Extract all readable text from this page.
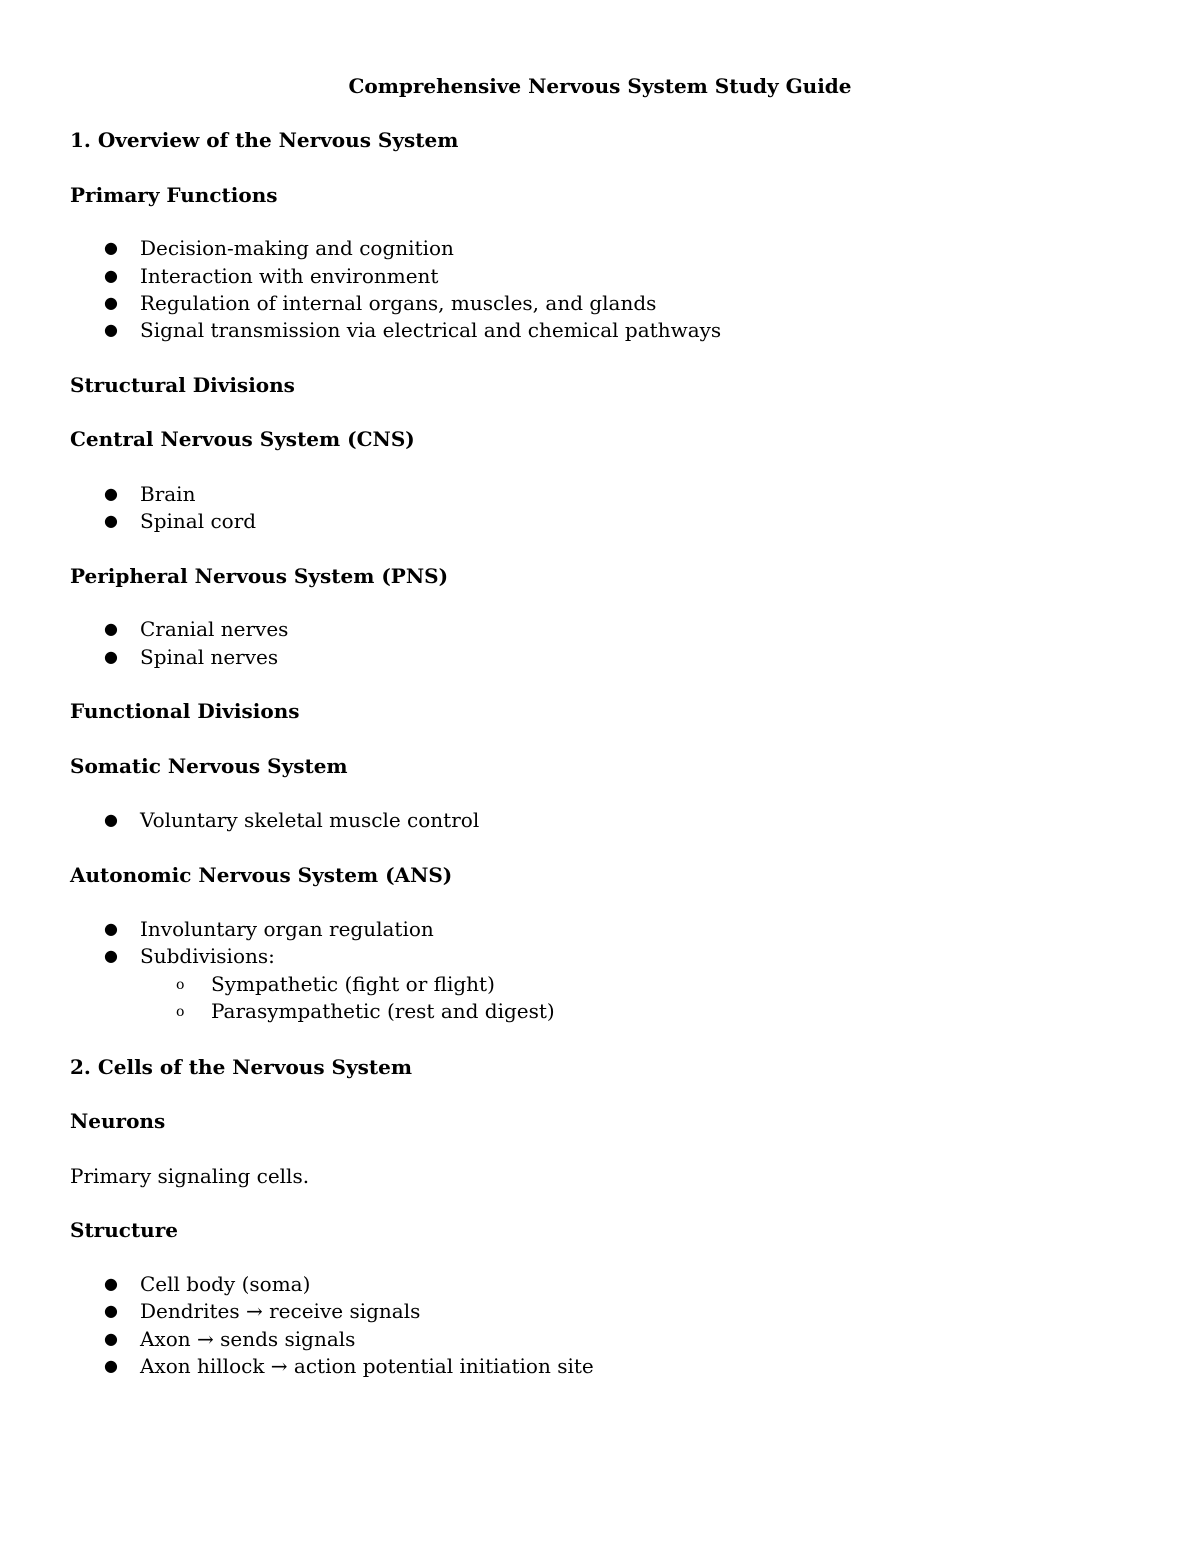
Comprehensive Nervous System Study Guide
1. Overview of the Nervous System
Primary Functions
● Decision-making and cognition
● Interaction with environment
● Regulation of internal organs, muscles, and glands
● Signal transmission via electrical and chemical pathways
Structural Divisions
Central Nervous System (CNS)
● Brain
● Spinal cord
Peripheral Nervous System (PNS)
● Cranial nerves
● Spinal nerves
Functional Divisions
Somatic Nervous System
● Voluntary skeletal muscle control
Autonomic Nervous System (ANS)
● Involuntary organ regulation
● Subdivisions:
o Sympathetic (fight or flight)
o Parasympathetic (rest and digest)
2. Cells of the Nervous System
Neurons
Primary signaling cells.
Structure
● Cell body (soma)
● Dendrites → receive signals
● Axon → sends signals
● Axon hillock → action potential initiation site
